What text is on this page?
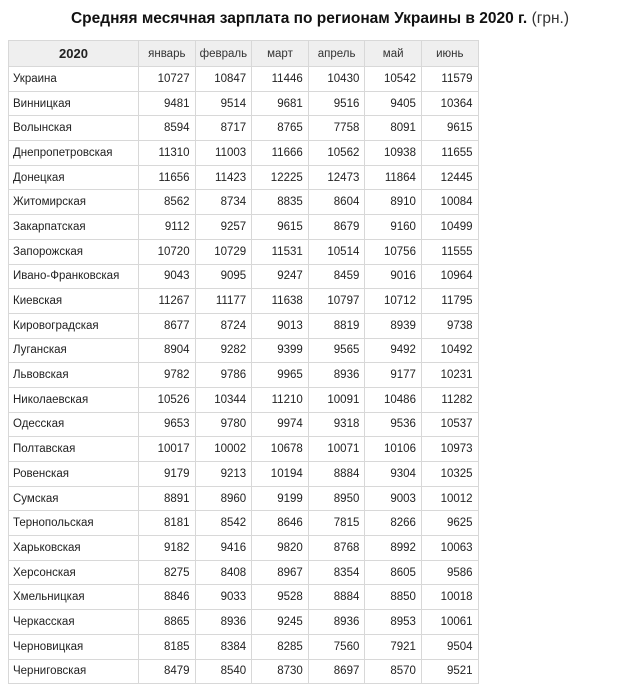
Средняя месячная зарплата по регионам Украины в 2020 г. (грн.)
2020	январь	февраль	март	апрель	май	июнь
Украина	10727	10847	11446	10430	10542	11579
Винницкая	9481	9514	9681	9516	9405	10364
Волынская	8594	8717	8765	7758	8091	9615
Днепропетровская	11310	11003	11666	10562	10938	11655
Донецкая	11656	11423	12225	12473	11864	12445
Житомирская	8562	8734	8835	8604	8910	10084
Закарпатская	9112	9257	9615	8679	9160	10499
Запорожская	10720	10729	11531	10514	10756	11555
Ивано-Франковская	9043	9095	9247	8459	9016	10964
Киевская	11267	11177	11638	10797	10712	11795
Кировоградская	8677	8724	9013	8819	8939	9738
Луганская	8904	9282	9399	9565	9492	10492
Львовская	9782	9786	9965	8936	9177	10231
Николаевская	10526	10344	11210	10091	10486	11282
Одесская	9653	9780	9974	9318	9536	10537
Полтавская	10017	10002	10678	10071	10106	10973
Ровенская	9179	9213	10194	8884	9304	10325
Сумская	8891	8960	9199	8950	9003	10012
Тернопольская	8181	8542	8646	7815	8266	9625
Харьковская	9182	9416	9820	8768	8992	10063
Херсонская	8275	8408	8967	8354	8605	9586
Хмельницкая	8846	9033	9528	8884	8850	10018
Черкасская	8865	8936	9245	8936	8953	10061
Черновицкая	8185	8384	8285	7560	7921	9504
Черниговская	8479	8540	8730	8697	8570	9521
